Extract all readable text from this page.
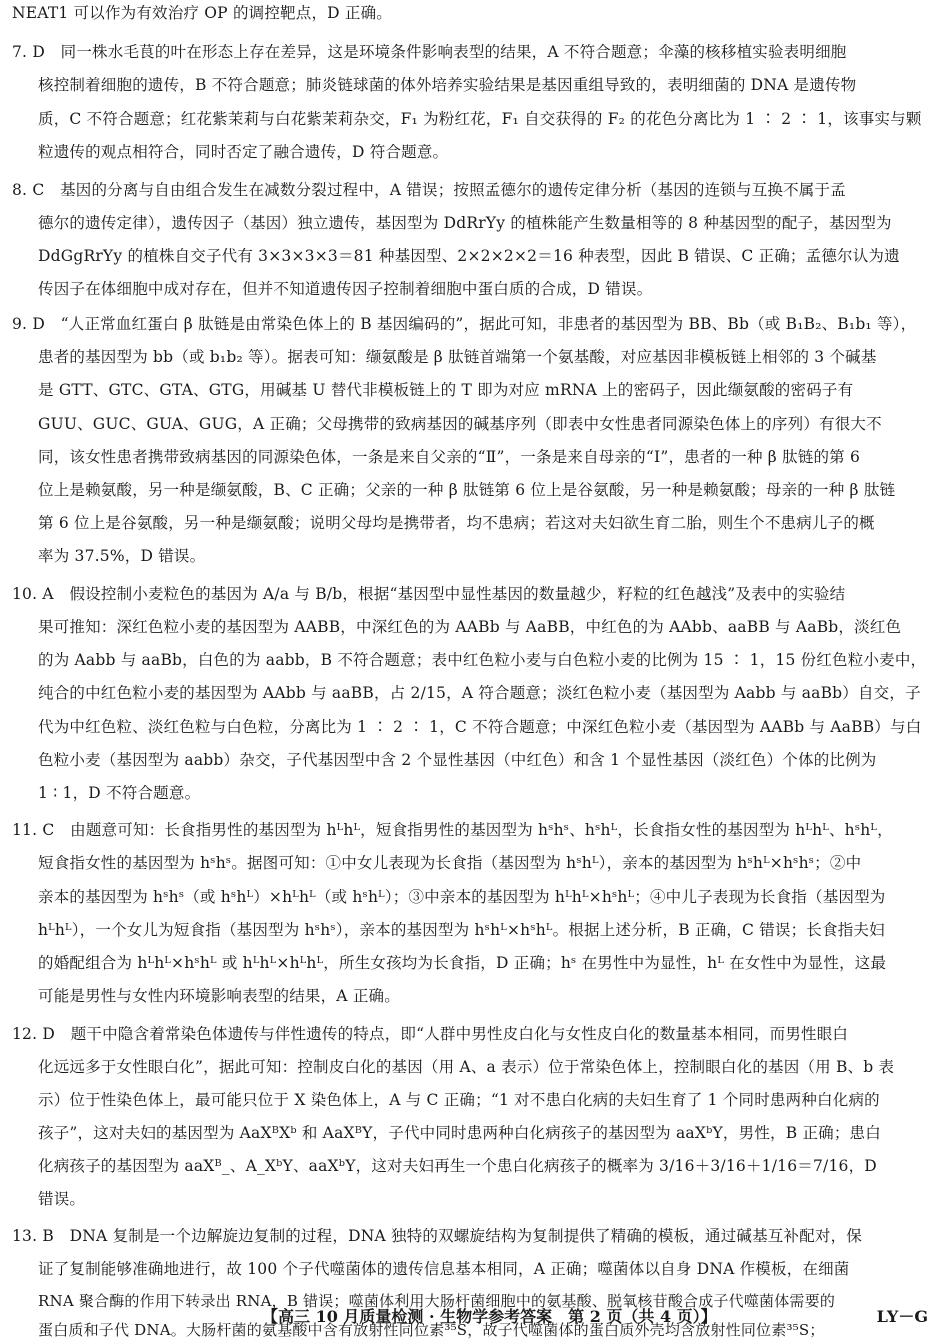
NEAT1 可以作为有效治疗 OP 的调控靶点，D 正确。
7. D　同一株水毛茛的叶在形态上存在差异，这是环境条件影响表型的结果，A 不符合题意；伞藻的核移植实验表明细胞
核控制着细胞的遗传，B 不符合题意；肺炎链球菌的体外培养实验结果是基因重组导致的，表明细菌的 DNA 是遗传物
质，C 不符合题意；红花紫茉莉与白花紫茉莉杂交，F₁ 为粉红花，F₁ 自交获得的 F₂ 的花色分离比为 1 ∶ 2 ∶ 1，该事实与颗
粒遗传的观点相符合，同时否定了融合遗传，D 符合题意。
8. C　基因的分离与自由组合发生在减数分裂过程中，A 错误；按照孟德尔的遗传定律分析（基因的连锁与互换不属于孟
德尔的遗传定律），遗传因子（基因）独立遗传，基因型为 DdRrYy 的植株能产生数量相等的 8 种基因型的配子，基因型为
DdGgRrYy 的植株自交子代有 3×3×3×3＝81 种基因型、2×2×2×2＝16 种表型，因此 B 错误、C 正确；孟德尔认为遗
传因子在体细胞中成对存在，但并不知道遗传因子控制着细胞中蛋白质的合成，D 错误。
9. D　“人正常血红蛋白 β 肽链是由常染色体上的 B 基因编码的”，据此可知，非患者的基因型为 BB、Bb（或 B₁B₂、B₁b₁ 等），
患者的基因型为 bb（或 b₁b₂ 等）。据表可知：缬氨酸是 β 肽链首端第一个氨基酸，对应基因非模板链上相邻的 3 个碱基
是 GTT、GTC、GTA、GTG，用碱基 U 替代非模板链上的 T 即为对应 mRNA 上的密码子，因此缬氨酸的密码子有
GUU、GUC、GUA、GUG，A 正确；父母携带的致病基因的碱基序列（即表中女性患者同源染色体上的序列）有很大不
同，该女性患者携带致病基因的同源染色体，一条是来自父亲的“Ⅱ”，一条是来自母亲的“Ⅰ”，患者的一种 β 肽链的第 6
位上是赖氨酸，另一种是缬氨酸，B、C 正确；父亲的一种 β 肽链第 6 位上是谷氨酸，另一种是赖氨酸；母亲的一种 β 肽链
第 6 位上是谷氨酸，另一种是缬氨酸；说明父母均是携带者，均不患病；若这对夫妇欲生育二胎，则生个不患病儿子的概
率为 37.5%，D 错误。
10. A　假设控制小麦粒色的基因为 A/a 与 B/b，根据“基因型中显性基因的数量越少，籽粒的红色越浅”及表中的实验结
果可推知：深红色粒小麦的基因型为 AABB，中深红色的为 AABb 与 AaBB，中红色的为 AAbb、aaBB 与 AaBb，淡红色
的为 Aabb 与 aaBb，白色的为 aabb，B 不符合题意；表中红色粒小麦与白色粒小麦的比例为 15 ∶ 1，15 份红色粒小麦中，
纯合的中红色粒小麦的基因型为 AAbb 与 aaBB，占 2/15，A 符合题意；淡红色粒小麦（基因型为 Aabb 与 aaBb）自交，子
代为中红色粒、淡红色粒与白色粒，分离比为 1 ∶ 2 ∶ 1，C 不符合题意；中深红色粒小麦（基因型为 AABb 与 AaBB）与白
色粒小麦（基因型为 aabb）杂交，子代基因型中含 2 个显性基因（中红色）和含 1 个显性基因（淡红色）个体的比例为
1 ∶ 1，D 不符合题意。
11. C　由题意可知：长食指男性的基因型为 hᴸhᴸ，短食指男性的基因型为 hˢhˢ、hˢhᴸ，长食指女性的基因型为 hᴸhᴸ、hˢhᴸ，
短食指女性的基因型为 hˢhˢ。据图可知：①中女儿表现为长食指（基因型为 hˢhᴸ），亲本的基因型为 hˢhᴸ×hˢhˢ；②中
亲本的基因型为 hˢhˢ（或 hˢhᴸ）×hᴸhᴸ（或 hˢhᴸ）；③中亲本的基因型为 hᴸhᴸ×hˢhᴸ；④中儿子表现为长食指（基因型为
hᴸhᴸ），一个女儿为短食指（基因型为 hˢhˢ），亲本的基因型为 hˢhᴸ×hˢhᴸ。根据上述分析，B 正确，C 错误；长食指夫妇
的婚配组合为 hᴸhᴸ×hˢhᴸ 或 hᴸhᴸ×hᴸhᴸ，所生女孩均为长食指，D 正确；hˢ 在男性中为显性，hᴸ 在女性中为显性，这最
可能是男性与女性内环境影响表型的结果，A 正确。
12. D　题干中隐含着常染色体遗传与伴性遗传的特点，即“人群中男性皮白化与女性皮白化的数量基本相同，而男性眼白
化远远多于女性眼白化”，据此可知：控制皮白化的基因（用 A、a 表示）位于常染色体上，控制眼白化的基因（用 B、b 表
示）位于性染色体上，最可能只位于 X 染色体上，A 与 C 正确；“1 对不患白化病的夫妇生育了 1 个同时患两种白化病的
孩子”，这对夫妇的基因型为 AaXᴮXᵇ 和 AaXᴮY，子代中同时患两种白化病孩子的基因型为 aaXᵇY，男性，B 正确；患白
化病孩子的基因型为 aaXᴮ_、A_XᵇY、aaXᵇY，这对夫妇再生一个患白化病孩子的概率为 3/16＋3/16＋1/16＝7/16，D
错误。
13. B　DNA 复制是一个边解旋边复制的过程，DNA 独特的双螺旋结构为复制提供了精确的模板，通过碱基互补配对，保
证了复制能够准确地进行，故 100 个子代噬菌体的遗传信息基本相同，A 正确；噬菌体以自身 DNA 作模板，在细菌
RNA 聚合酶的作用下转录出 RNA，B 错误；噬菌体利用大肠杆菌细胞中的氨基酸、脱氧核苷酸合成子代噬菌体需要的
蛋白质和子代 DNA。大肠杆菌的氨基酸中含有放射性同位素³⁵S，故子代噬菌体的蛋白质外壳均含放射性同位素³⁵S；
【高三 10 月质量检测 · 生物学参考答案　第 2 页（共 4 页）】	LY－G
